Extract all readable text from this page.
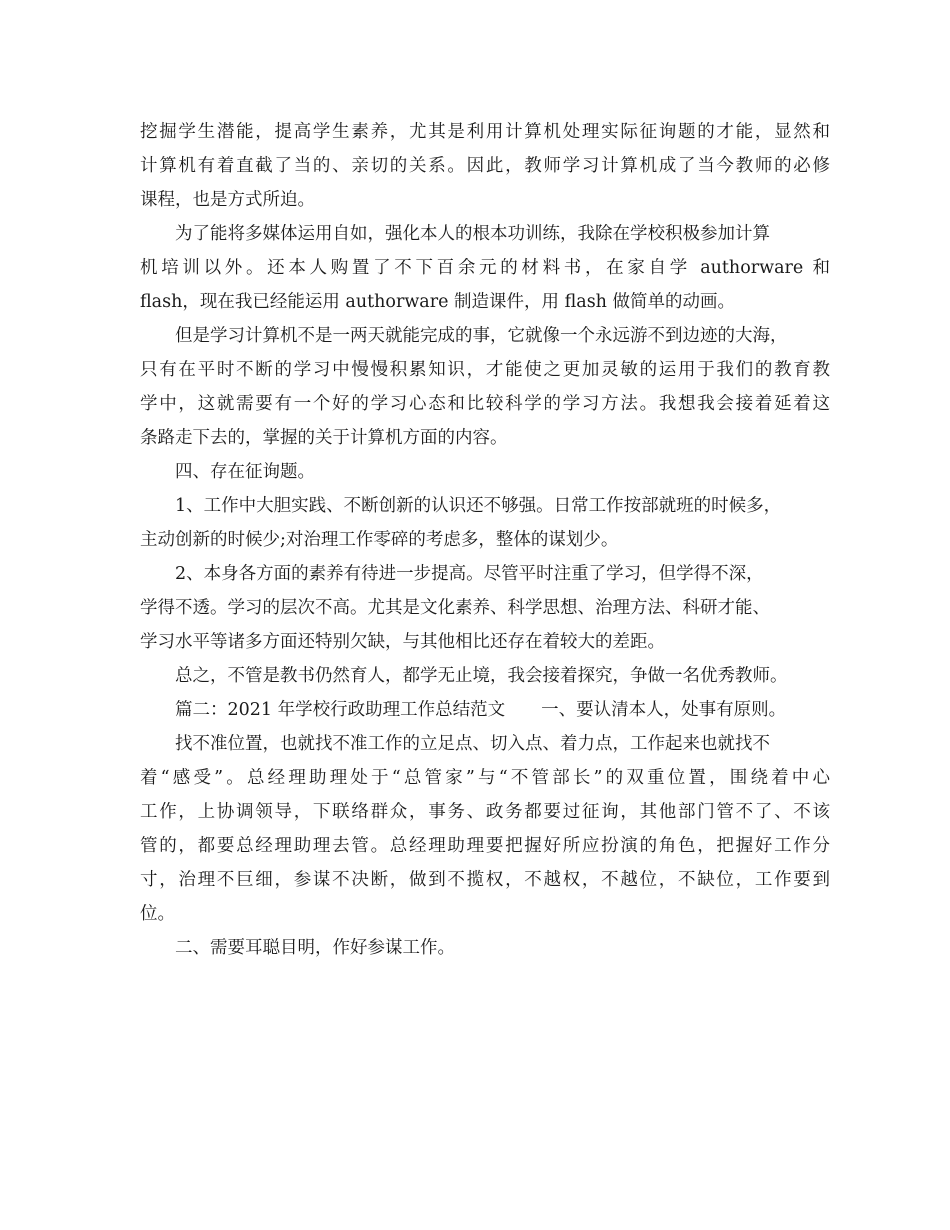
挖掘学生潜能，提高学生素养，尤其是利用计算机处理实际征询题的才能，显然和
计算机有着直截了当的、亲切的关系。因此，教师学习计算机成了当今教师的必修
课程，也是方式所迫。
为了能将多媒体运用自如，强化本人的根本功训练，我除在学校积极参加计算
机培训以外。还本人购置了不下百余元的材料书，在家自学 authorware 和
flash，现在我已经能运用 authorware 制造课件，用 flash 做简单的动画。
但是学习计算机不是一两天就能完成的事，它就像一个永远游不到边迹的大海，
只有在平时不断的学习中慢慢积累知识，才能使之更加灵敏的运用于我们的教育教
学中，这就需要有一个好的学习心态和比较科学的学习方法。我想我会接着延着这
条路走下去的，掌握的关于计算机方面的内容。
四、存在征询题。
1、工作中大胆实践、不断创新的认识还不够强。日常工作按部就班的时候多，
主动创新的时候少;对治理工作零碎的考虑多，整体的谋划少。
2、本身各方面的素养有待进一步提高。尽管平时注重了学习，但学得不深，
学得不透。学习的层次不高。尤其是文化素养、科学思想、治理方法、科研才能、
学习水平等诸多方面还特别欠缺，与其他相比还存在着较大的差距。
总之，不管是教书仍然育人，都学无止境，我会接着探究，争做一名优秀教师。
篇二：2021 年学校行政助理工作总结范文 一、要认清本人，处事有原则。
找不准位置，也就找不准工作的立足点、切入点、着力点，工作起来也就找不
着“感受”。总经理助理处于“总管家”与“不管部长”的双重位置，围绕着中心
工作，上协调领导，下联络群众，事务、政务都要过征询，其他部门管不了、不该
管的，都要总经理助理去管。总经理助理要把握好所应扮演的角色，把握好工作分
寸，治理不巨细，参谋不决断，做到不揽权，不越权，不越位，不缺位，工作要到
位。
二、需要耳聪目明，作好参谋工作。
